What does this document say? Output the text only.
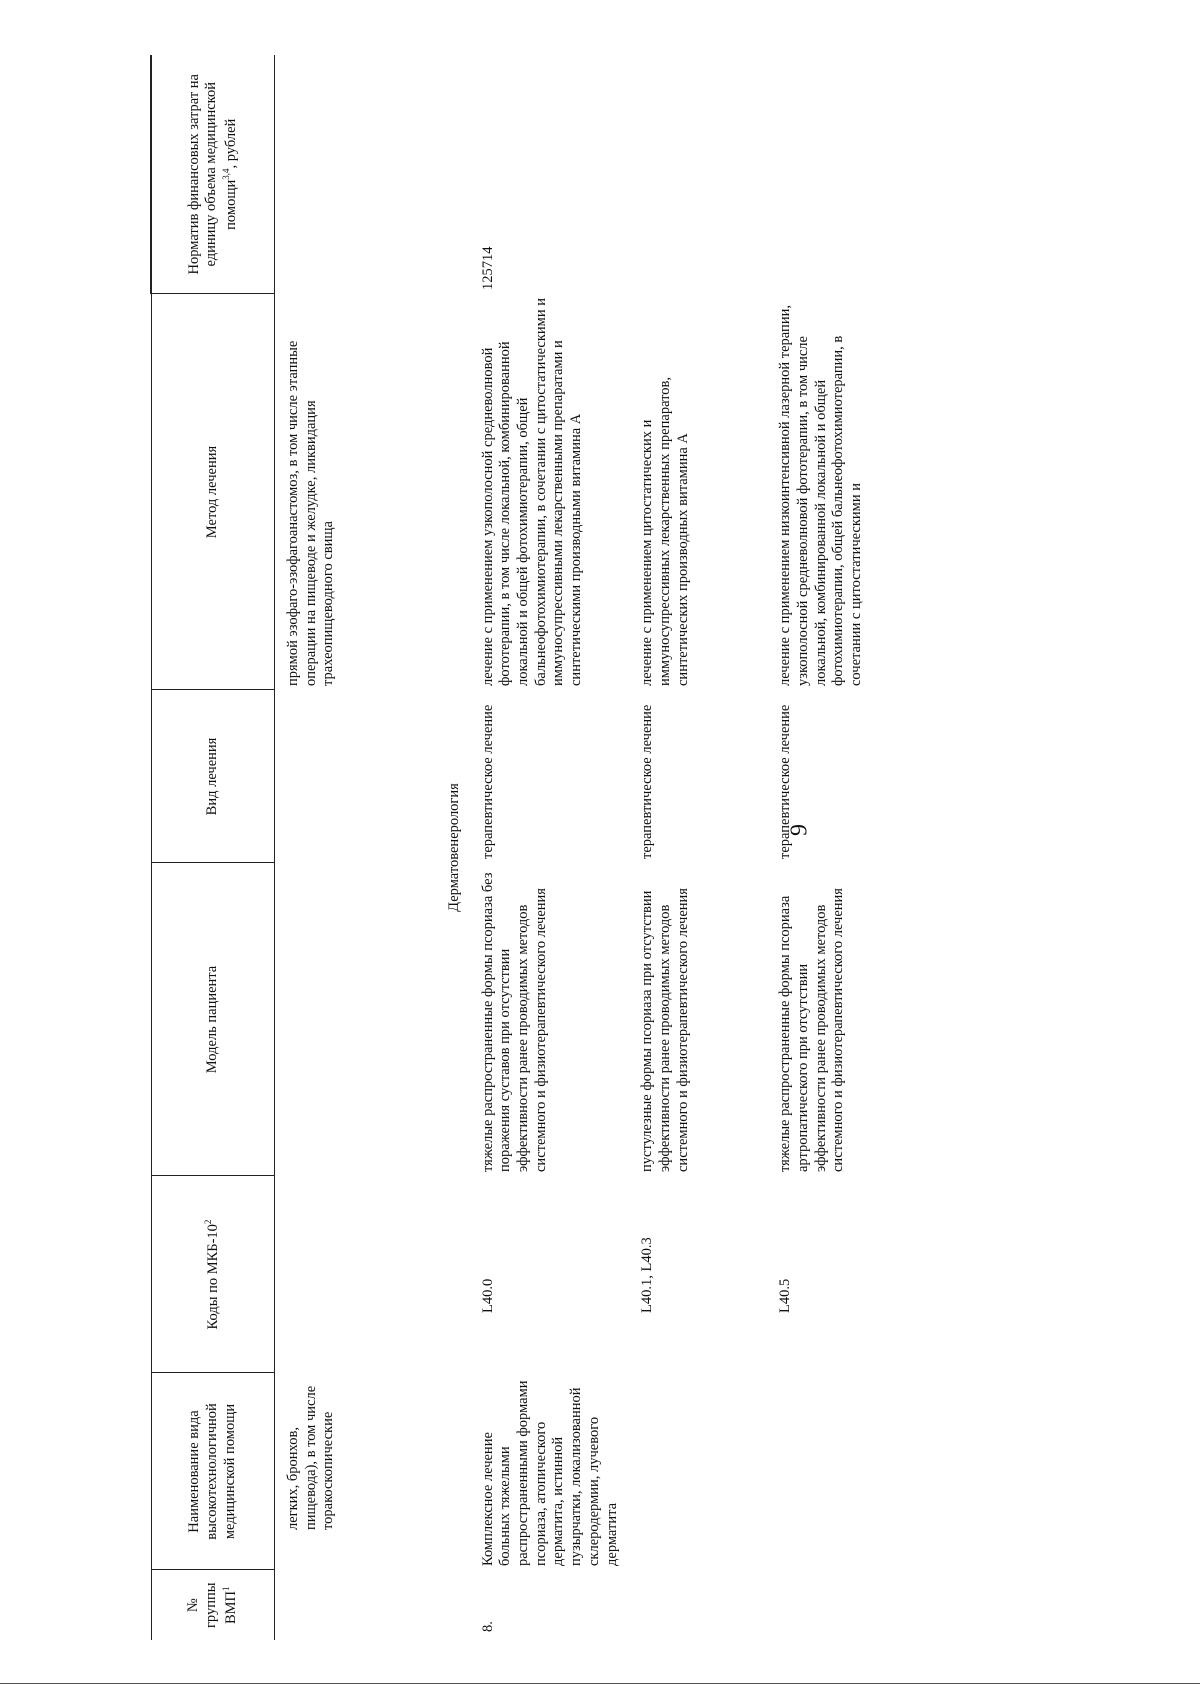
9
№ группы ВМП$^1$	Наименование вида высокотехнологичной медицинской помощи	Коды по МКБ-$10^2$	Модель пациента	Вид лечения	Метод лечения	Норматив финансовых затрат на единицу объема медицинской помощи$^{3,4}$, рублей
	легких, бронхов, пищевода), в том числе торакоскопические				прямой эзофаго-эзофагоанастомоз, в том числе этапные операции на пищеводе и желудке, ликвидация трахеопищеводного свища	
Дерматовенерология						
8.	Комплексное лечение больных тяжелыми распространенными формами псориаза, атопического дерматита, истинной пузырчатки, локализованной склеродермии, лучевого дерматита	L40.0	тяжелые распространенные формы псориаза без поражения суставов при отсутствии эффективности ранее проводимых методов системного и физиотерапевтического лечения	терапевтическое лечение	лечение с применением узкополосной средневолновой фототерапии, в том числе локальной, комбинированной локальной и общей фотохимиотерапии, общей бальнеофотохимиотерапии, в сочетании с цитостатическими и иммуносупрессивными лекарственными препаратами и синтетическими производными витамина А	125714
		L40.1, L40.3	пустулезные формы псориаза при отсутствии эффективности ранее проводимых методов системного и физиотерапевтического лечения	терапевтическое лечение	лечение с применением цитостатических и иммуносупрессивных лекарственных препаратов, синтетических производных витамина А	
		L40.5	тяжелые распространенные формы псориаза артропатического при отсутствии эффективности ранее проводимых методов системного и физиотерапевтического лечения	терапевтическое лечение	лечение с применением низкоинтенсивной лазерной терапии, узкополосной средневолновой фототерапии, в том числе локальной, комбинированной локальной и общей фотохимиотерапии, общей бальнеофотохимиотерапии, в сочетании с цитостатическими и	
